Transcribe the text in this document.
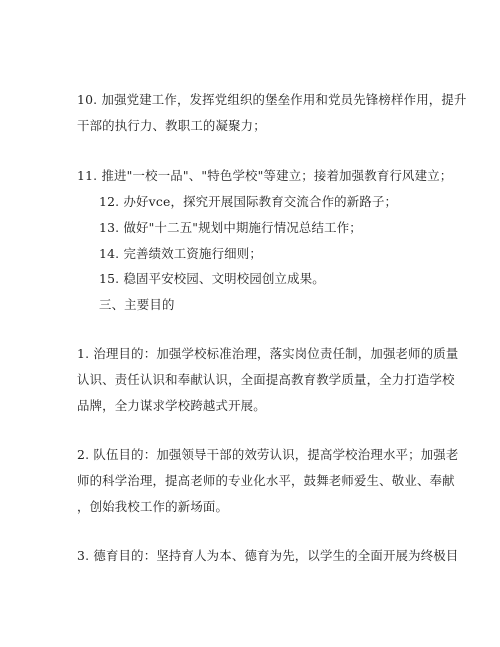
10. 加强党建工作，发挥党组织的堡垒作用和党员先锋榜样作用，提升
干部的执行力、教职工的凝聚力；
11. 推进"一校一品"、"特色学校"等建立；接着加强教育行风建立；
12. 办好vce，探究开展国际教育交流合作的新路子；
13. 做好"十二五"规划中期施行情况总结工作；
14. 完善绩效工资施行细则；
15. 稳固平安校园、文明校园创立成果。
三、主要目的
1. 治理目的：加强学校标准治理，落实岗位责任制，加强老师的质量
认识、责任认识和奉献认识，全面提高教育教学质量，全力打造学校
品牌，全力谋求学校跨越式开展。
2. 队伍目的：加强领导干部的效劳认识，提高学校治理水平；加强老
师的科学治理，提高老师的专业化水平，鼓舞老师爱生、敬业、奉献
，创始我校工作的新场面。
3. 德育目的：坚持育人为本、德育为先，以学生的全面开展为终极目
